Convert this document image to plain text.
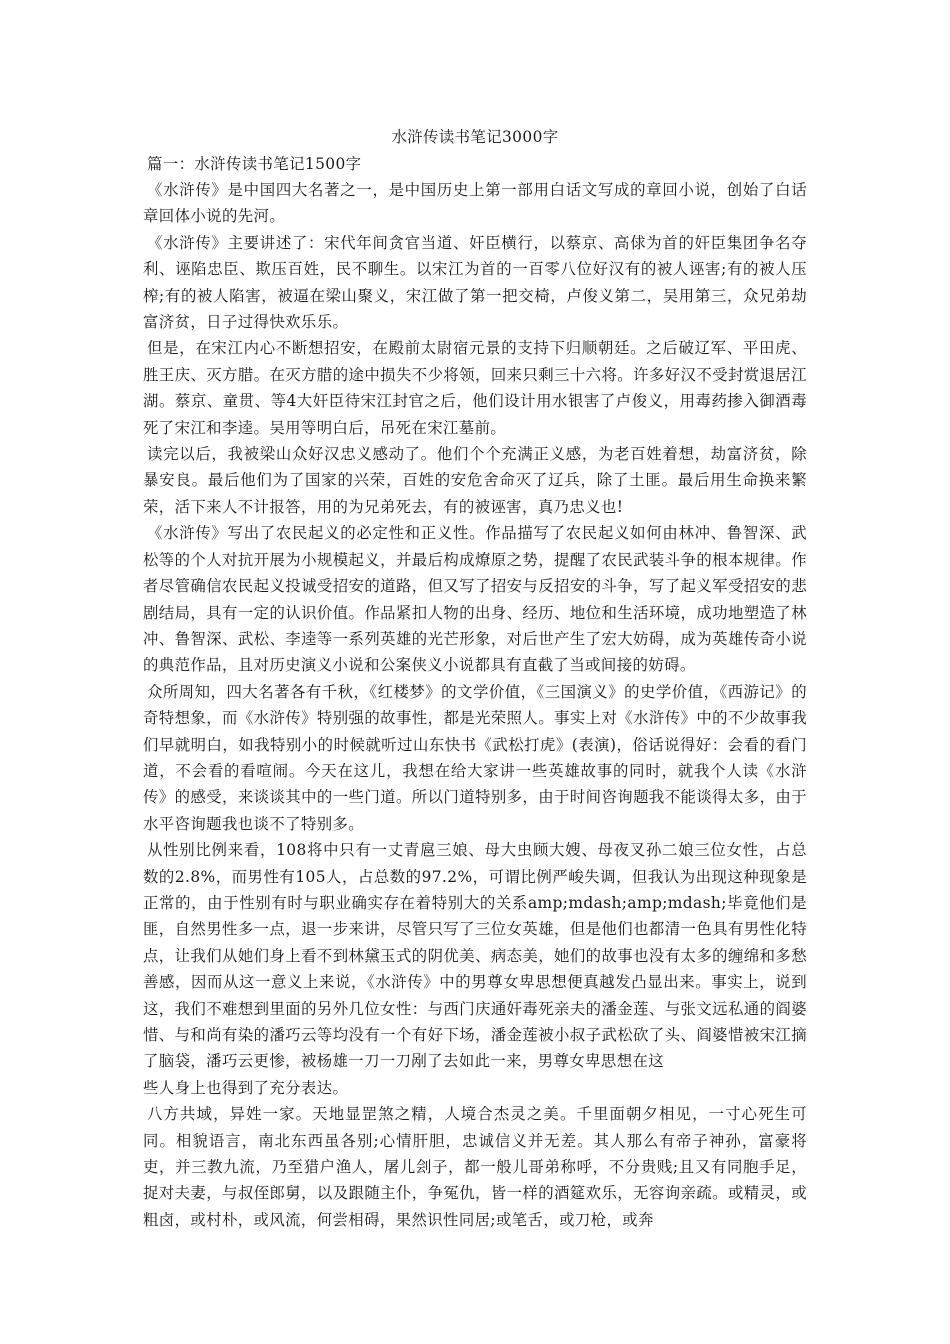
水浒传读书笔记3000字
篇一：水浒传读书笔记1500字

《水浒传》是中国四大名著之一，是中国历史上第一部用白话文写成的章回小说，创始了白话章回体小说的先河。

《水浒传》主要讲述了：宋代年间贪官当道、奸臣横行，以蔡京、高俅为首的奸臣集团争名夺利、诬陷忠臣、欺压百姓，民不聊生。以宋江为首的一百零八位好汉有的被人诬害;有的被人压榨;有的被人陷害，被逼在梁山聚义，宋江做了第一把交椅，卢俊义第二，吴用第三，众兄弟劫富济贫，日子过得快欢乐乐。

但是，在宋江内心不断想招安，在殿前太尉宿元景的支持下归顺朝廷。之后破辽军、平田虎、胜王庆、灭方腊。在灭方腊的途中损失不少将领，回来只剩三十六将。许多好汉不受封赏退居江湖。蔡京、童贯、等4大奸臣待宋江封官之后，他们设计用水银害了卢俊义，用毒药掺入御酒毒死了宋江和李逵。吴用等明白后，吊死在宋江墓前。

读完以后，我被梁山众好汉忠义感动了。他们个个充满正义感，为老百姓着想，劫富济贫，除暴安良。最后他们为了国家的兴荣，百姓的安危舍命灭了辽兵，除了土匪。最后用生命换来繁荣，活下来人不计报答，用的为兄弟死去，有的被诬害，真乃忠义也!

《水浒传》写出了农民起义的必定性和正义性。作品描写了农民起义如何由林冲、鲁智深、武松等的个人对抗开展为小规模起义，并最后构成燎原之势，提醒了农民武装斗争的根本规律。作者尽管确信农民起义投诚受招安的道路，但又写了招安与反招安的斗争，写了起义军受招安的悲剧结局，具有一定的认识价值。作品紧扣人物的出身、经历、地位和生活环境，成功地塑造了林冲、鲁智深、武松、李逵等一系列英雄的光芒形象，对后世产生了宏大妨碍，成为英雄传奇小说的典范作品，且对历史演义小说和公案侠义小说都具有直截了当或间接的妨碍。

众所周知，四大名著各有千秋，《红楼梦》的文学价值，《三国演义》的史学价值，《西游记》的奇特想象，而《水浒传》特别强的故事性，都是光荣照人。事实上对《水浒传》中的不少故事我们早就明白，如我特别小的时候就听过山东快书《武松打虎》(表演)，俗话说得好：会看的看门道，不会看的看喧闹。今天在这儿，我想在给大家讲一些英雄故事的同时，就我个人读《水浒传》的感受，来谈谈其中的一些门道。所以门道特别多，由于时间咨询题我不能谈得太多，由于水平咨询题我也谈不了特别多。

从性别比例来看，108将中只有一丈青扈三娘、母大虫顾大嫂、母夜叉孙二娘三位女性，占总数的2.8%，而男性有105人，占总数的97.2%，可谓比例严峻失调，但我认为出现这种现象是正常的，由于性别有时与职业确实存在着特别大的关系amp;mdash;amp;mdash;毕竟他们是匪，自然男性多一点，退一步来讲，尽管只写了三位女英雄，但是他们也都清一色具有男性化特点，让我们从她们身上看不到林黛玉式的阴优美、病态美，她们的故事也没有太多的缠绵和多愁善感，因而从这一意义上来说，《水浒传》中的男尊女卑思想便真越发凸显出来。事实上，说到这，我们不难想到里面的另外几位女性：与西门庆通奸毒死亲夫的潘金莲、与张文远私通的阎婆惜、与和尚有染的潘巧云等均没有一个有好下场，潘金莲被小叔子武松砍了头、阎婆惜被宋江摘了脑袋，潘巧云更惨，被杨雄一刀一刀剐了去如此一来，男尊女卑思想在这

些人身上也得到了充分表达。

八方共域，异姓一家。天地显罡煞之精，人境合杰灵之美。千里面朝夕相见，一寸心死生可同。相貌语言，南北东西虽各别;心情肝胆，忠诚信义并无差。其人那么有帝子神孙，富豪将吏，并三教九流，乃至猎户渔人，屠儿刽子，都一般儿哥弟称呼，不分贵贱;且又有同胞手足，捉对夫妻，与叔侄郎舅，以及跟随主仆，争冤仇，皆一样的酒筵欢乐，无容询亲疏。或精灵，或粗卤，或村朴，或风流，何尝相碍，果然识性同居;或笔舌，或刀枪，或奔
